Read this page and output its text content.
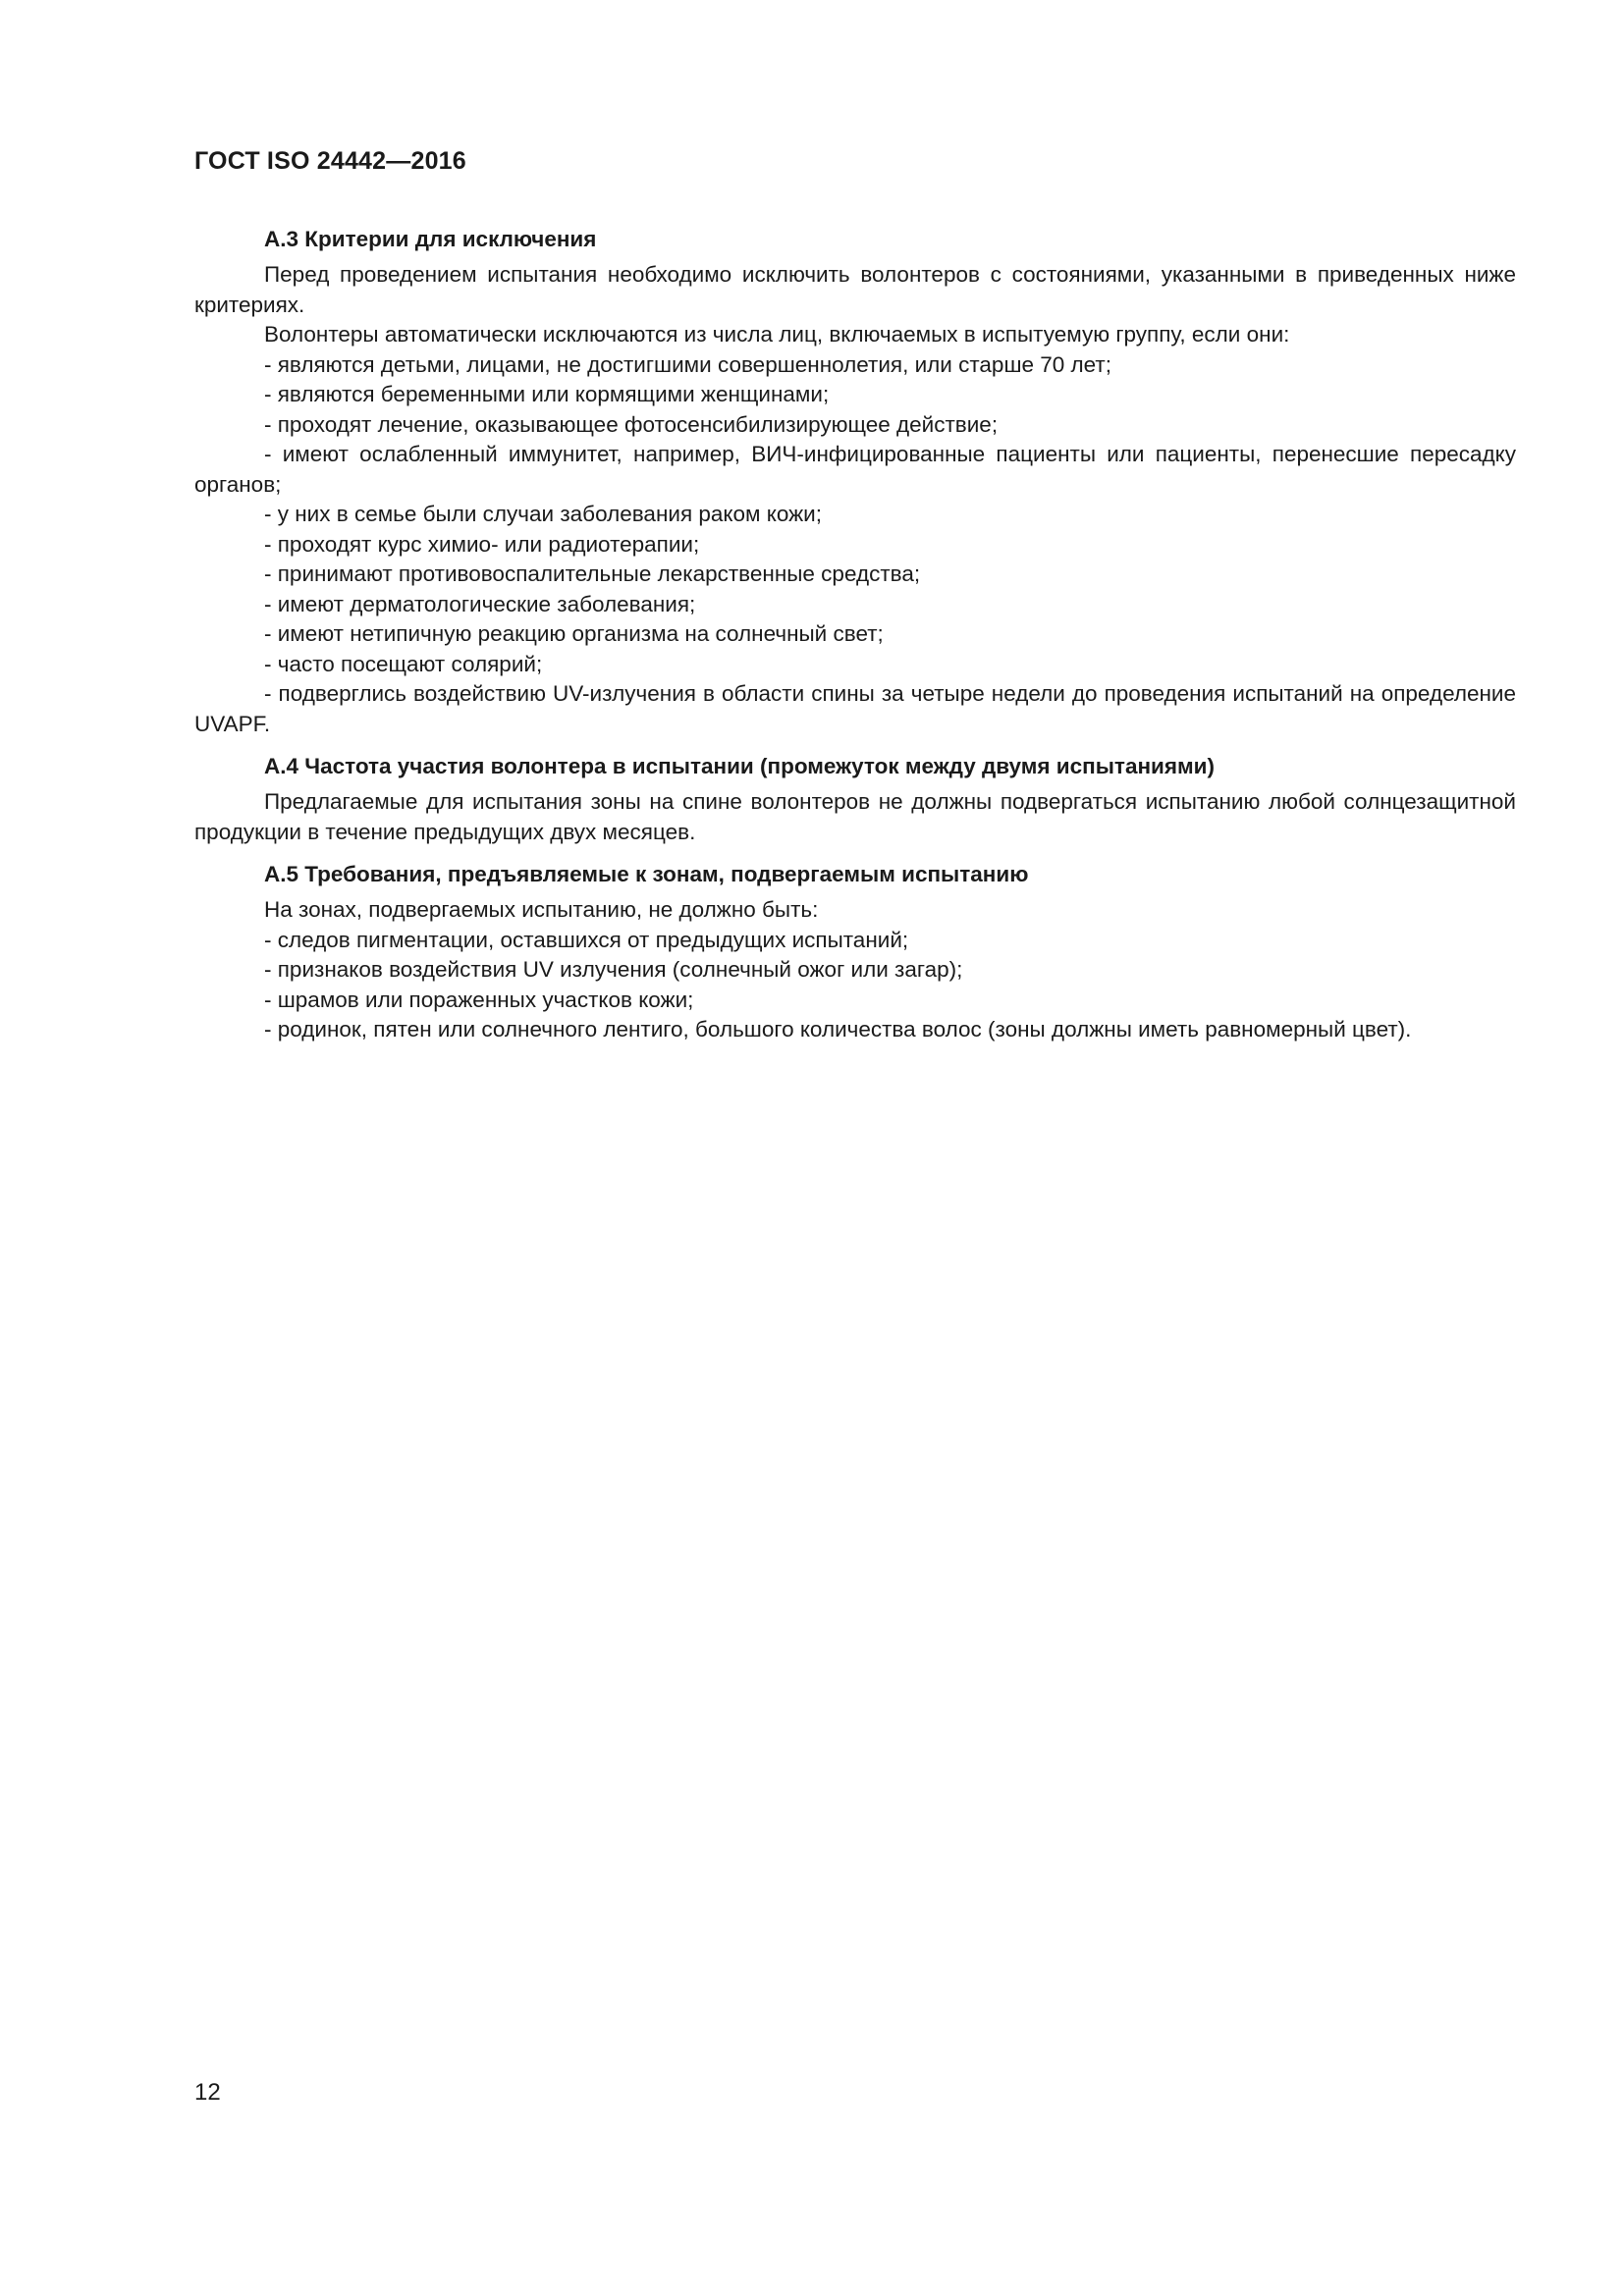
ГОСТ ISO 24442—2016

A.3 Критерии для исключения

Перед проведением испытания необходимо исключить волонтеров с состояниями, указанными в приведенных ниже критериях.

Волонтеры автоматически исключаются из числа лиц, включаемых в испытуемую группу, если они:

- являются детьми, лицами, не достигшими совершеннолетия, или старше 70 лет;

- являются беременными или кормящими женщинами;

- проходят лечение, оказывающее фотосенсибилизирующее действие;

- имеют ослабленный иммунитет, например, ВИЧ-инфицированные пациенты или пациенты, перенесшие пересадку органов;

- у них в семье были случаи заболевания раком кожи;

- проходят курс химио- или радиотерапии;

- принимают противовоспалительные лекарственные средства;

- имеют дерматологические заболевания;

- имеют нетипичную реакцию организма на солнечный свет;

- часто посещают солярий;

- подверглись воздействию UV-излучения в области спины за четыре недели до проведения испытаний на определение UVAPF.

A.4 Частота участия волонтера в испытании (промежуток между двумя испытаниями)

Предлагаемые для испытания зоны на спине волонтеров не должны подвергаться испытанию любой солнцезащитной продукции в течение предыдущих двух месяцев.

A.5 Требования, предъявляемые к зонам, подвергаемым испытанию

На зонах, подвергаемых испытанию, не должно быть:

- следов пигментации, оставшихся от предыдущих испытаний;

- признаков воздействия UV излучения (солнечный ожог или загар);

- шрамов или пораженных участков кожи;

- родинок, пятен или солнечного лентиго, большого количества волос (зоны должны иметь равномерный цвет).

12
